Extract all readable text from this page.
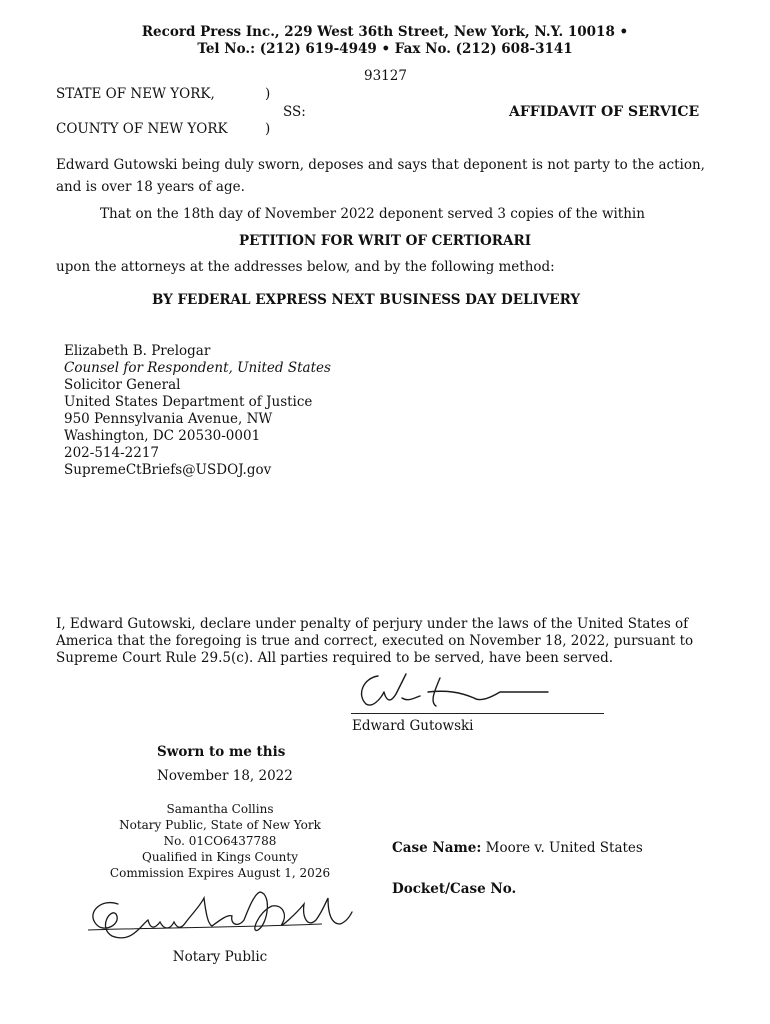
Record Press Inc., 229 West 36th Street, New York, N.Y. 10018 •
Tel No.: (212) 619-4949 • Fax No. (212) 608-3141
93127
STATE OF NEW YORK,	)
SS:
COUNTY OF NEW YORK	)
AFFIDAVIT OF SERVICE
Edward Gutowski being duly sworn, deposes and says that deponent is not party to the action, and is over 18 years of age.
That on the 18th day of November 2022 deponent served 3 copies of the within
PETITION FOR WRIT OF CERTIORARI
upon the attorneys at the addresses below, and by the following method:
BY FEDERAL EXPRESS NEXT BUSINESS DAY DELIVERY
Elizabeth B. Prelogar
Counsel for Respondent, United States
Solicitor General
United States Department of Justice
950 Pennsylvania Avenue, NW
Washington, DC 20530-0001
202-514-2217
SupremeCtBriefs@USDOJ.gov
I, Edward Gutowski, declare under penalty of perjury under the laws of the United States of America that the foregoing is true and correct, executed on November 18, 2022, pursuant to Supreme Court Rule 29.5(c). All parties required to be served, have been served.
Edward Gutowski
Sworn to me this
November 18, 2022
Samantha Collins
Notary Public, State of New York
No. 01CO6437788
Qualified in Kings County
Commission Expires August 1, 2026
Notary Public
Case Name: Moore v. United States
Docket/Case No.
